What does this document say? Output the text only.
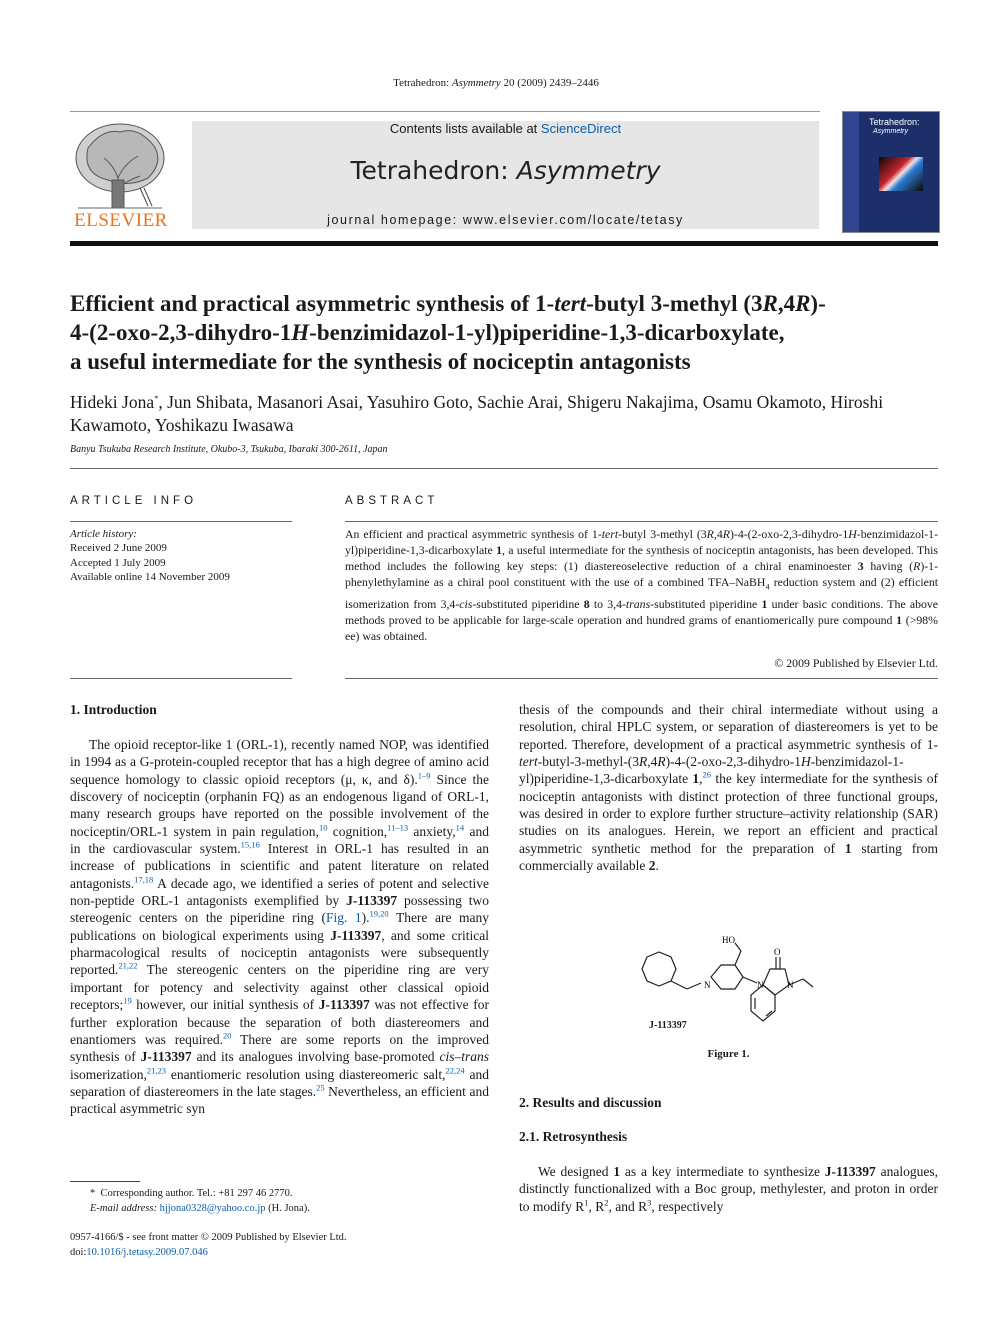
Tetrahedron: Asymmetry 20 (2009) 2439–2446
ELSEVIER
Contents lists available at ScienceDirect
Tetrahedron: Asymmetry
journal homepage: www.elsevier.com/locate/tetasy
Tetrahedron:
Asymmetry
Efficient and practical asymmetric synthesis of 1-tert-butyl 3-methyl (3R,4R)-
4-(2-oxo-2,3-dihydro-1H-benzimidazol-1-yl)piperidine-1,3-dicarboxylate,
a useful intermediate for the synthesis of nociceptin antagonists
Hideki Jona*, Jun Shibata, Masanori Asai, Yasuhiro Goto, Sachie Arai, Shigeru Nakajima, Osamu Okamoto, Hiroshi Kawamoto, Yoshikazu Iwasawa
Banyu Tsukuba Research Institute, Okubo-3, Tsukuba, Ibaraki 300-2611, Japan
ARTICLE INFO	ABSTRACT
Article history:
Received 2 June 2009
Accepted 1 July 2009
Available online 14 November 2009
An efficient and practical asymmetric synthesis of 1-tert-butyl 3-methyl (3R,4R)-4-(2-oxo-2,3-dihydro-1H-benzimidazol-1-yl)piperidine-1,3-dicarboxylate 1, a useful intermediate for the synthesis of nociceptin antagonists, has been developed. This method includes the following key steps: (1) diastereoselective reduction of a chiral enaminoester 3 having (R)-1-phenylethylamine as a chiral pool constituent with the use of a combined TFA–NaBH$_4$ reduction system and (2) efficient isomerization from 3,4-cis-substituted piperidine 8 to 3,4-trans-substituted piperidine 1 under basic conditions. The above methods proved to be applicable for large-scale operation and hundred grams of enantiomerically pure compound 1 (>98% ee) was obtained.
© 2009 Published by Elsevier Ltd.
1. Introduction
The opioid receptor-like 1 (ORL-1), recently named NOP, was identified in 1994 as a G-protein-coupled receptor that has a high degree of amino acid sequence homology to classic opioid receptors (μ, κ, and δ).$^{1-9}$ Since the discovery of nociceptin (orphanin FQ) as an endogenous ligand of ORL-1, many research groups have reported on the possible involvement of the nociceptin/ORL-1 system in pain regulation,$^{10}$ cognition,$^{11-13}$ anxiety,$^{14}$ and in the cardiovascular system.$^{15,16}$ Interest in ORL-1 has resulted in an increase of publications in scientific and patent literature on related antagonists.$^{17,18}$ A decade ago, we identified a series of potent and selective non-peptide ORL-1 antagonists exemplified by J-113397 possessing two stereogenic centers on the piperidine ring (Fig. 1).$^{19,20}$ There are many publications on biological experiments using J-113397, and some critical pharmacological results of nociceptin antagonists were subsequently reported.$^{21,22}$ The stereogenic centers on the piperidine ring are very important for potency and selectivity against other classical opioid receptors;$^{19}$ however, our initial synthesis of J-113397 was not effective for further exploration because the separation of both diastereomers and enantiomers was required.$^{20}$ There are some reports on the improved synthesis of J-113397 and its analogues involving base-promoted cis–trans isomerization,$^{21,23}$ enantiomeric resolution using diastereomeric salt,$^{22,24}$ and separation of diastereomers in the late stages.$^{25}$ Nevertheless, an efficient and practical asymmetric syn
thesis of the compounds and their chiral intermediate without using a resolution, chiral HPLC system, or separation of diastereomers is yet to be reported. Therefore, development of a practical asymmetric synthesis of 1-tert-butyl-3-methyl-(3R,4R)-4-(2-oxo-2,3-dihydro-1H-benzimidazol-1-yl)piperidine-1,3-dicarboxylate 1,26 the key intermediate for the synthesis of nociceptin antagonists with distinct protection of three functional groups, was desired in order to explore further structure–activity relationship (SAR) studies on its analogues. Herein, we report an efficient and practical asymmetric synthetic method for the preparation of 1 starting from commercially available 2.
HO
O
N	N	N
J-113397
Figure 1.
2. Results and discussion
2.1. Retrosynthesis
We designed 1 as a key intermediate to synthesize J-113397 analogues, distinctly functionalized with a Boc group, methylester, and proton in order to modify $R^1$, $R^2$, and $R^3$, respectively
* Corresponding author. Tel.: +81 297 46 2770.
E-mail address: hjjona0328@yahoo.co.jp (H. Jona).
0957-4166/$ - see front matter © 2009 Published by Elsevier Ltd.
doi:10.1016/j.tetasy.2009.07.046
